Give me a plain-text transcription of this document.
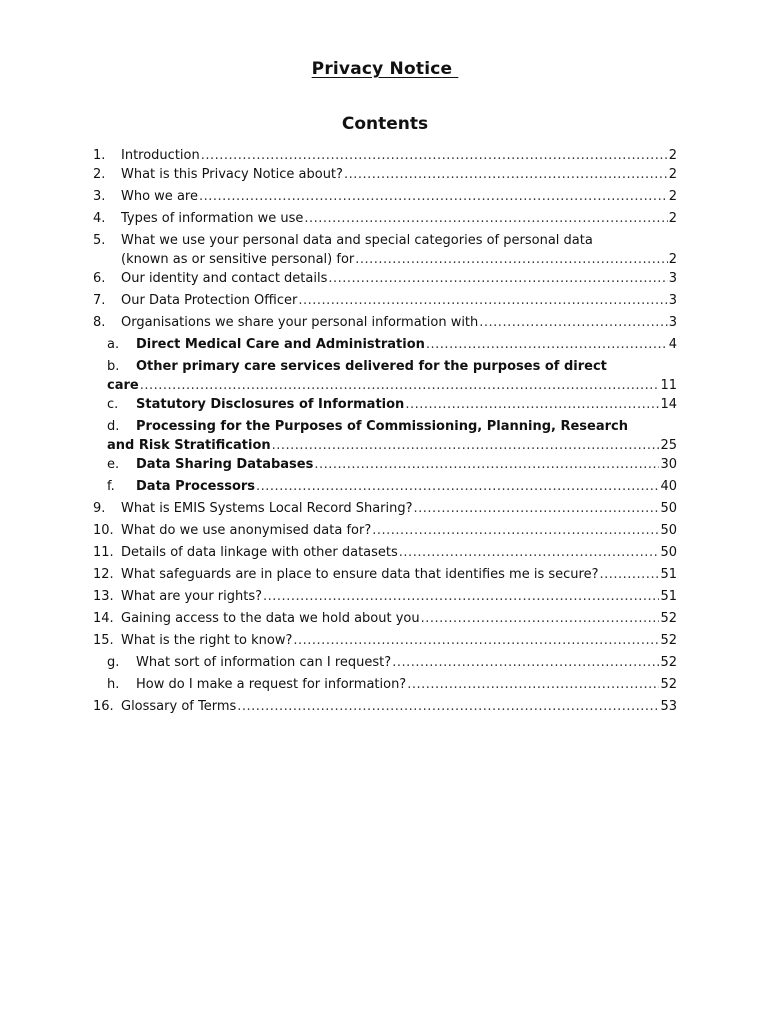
Privacy Notice
Contents
1.	Introduction .....	2
2.	What is this Privacy Notice about? .....	2
3.	Who we are .....	2
4.	Types of information we use .....	2
5.	What we use your personal data and special categories of personal data
(known as or sensitive personal) for .....	2
6.	Our identity and contact details .....	3
7.	Our Data Protection Officer .....	3
8.	Organisations we share your personal information with .....	3
a.	Direct Medical Care and Administration .....	4
b.	Other primary care services delivered for the purposes of direct
care .....	11
c.	Statutory Disclosures of Information .....	14
d.	Processing for the Purposes of Commissioning, Planning, Research
and Risk Stratification .....	25
e.	Data Sharing Databases .....	30
f.	Data Processors .....	40
9.	What is EMIS Systems Local Record Sharing? .....	50
10. What do we use anonymised data for? .....	50
11. Details of data linkage with other datasets .....	50
12. What safeguards are in place to ensure data that identifies me is secure? .....	51
13. What are your rights? .....	51
14. Gaining access to the data we hold about you .....	52
15. What is the right to know? .....	52
g.	What sort of information can I request? .....	52
h.	How do I make a request for information? .....	52
16. Glossary of Terms .....	53
